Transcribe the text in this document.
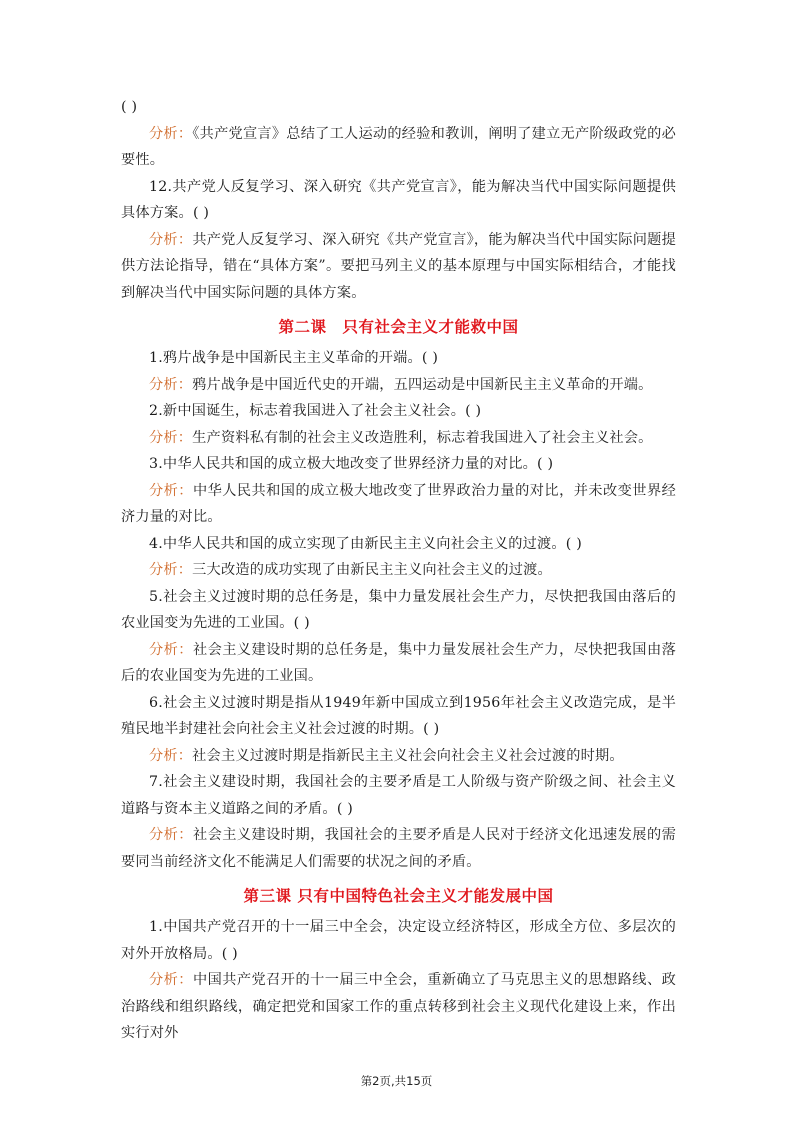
( )

分析：《共产党宣言》总结了工人运动的经验和教训，阐明了建立无产阶级政党的必要性。

12.共产党人反复学习、深入研究《共产党宣言》，能为解决当代中国实际问题提供具体方案。( )

分析：共产党人反复学习、深入研究《共产党宣言》，能为解决当代中国实际问题提供方法论指导，错在“具体方案”。要把马列主义的基本原理与中国实际相结合，才能找到解决当代中国实际问题的具体方案。

第二课　只有社会主义才能救中国

1.鸦片战争是中国新民主主义革命的开端。( )

分析：鸦片战争是中国近代史的开端，五四运动是中国新民主主义革命的开端。

2.新中国诞生，标志着我国进入了社会主义社会。( )

分析：生产资料私有制的社会主义改造胜利，标志着我国进入了社会主义社会。

3.中华人民共和国的成立极大地改变了世界经济力量的对比。( )

分析：中华人民共和国的成立极大地改变了世界政治力量的对比，并未改变世界经济力量的对比。

4.中华人民共和国的成立实现了由新民主主义向社会主义的过渡。( )

分析：三大改造的成功实现了由新民主主义向社会主义的过渡。

5.社会主义过渡时期的总任务是，集中力量发展社会生产力，尽快把我国由落后的农业国变为先进的工业国。( )

分析：社会主义建设时期的总任务是，集中力量发展社会生产力，尽快把我国由落后的农业国变为先进的工业国。

6.社会主义过渡时期是指从1949年新中国成立到1956年社会主义改造完成，是半殖民地半封建社会向社会主义社会过渡的时期。( )

分析：社会主义过渡时期是指新民主主义社会向社会主义社会过渡的时期。

7.社会主义建设时期，我国社会的主要矛盾是工人阶级与资产阶级之间、社会主义道路与资本主义道路之间的矛盾。( )

分析：社会主义建设时期，我国社会的主要矛盾是人民对于经济文化迅速发展的需要同当前经济文化不能满足人们需要的状况之间的矛盾。

第三课 只有中国特色社会主义才能发展中国

1.中国共产党召开的十一届三中全会，决定设立经济特区，形成全方位、多层次的对外开放格局。( )

分析：中国共产党召开的十一届三中全会，重新确立了马克思主义的思想路线、政治路线和组织路线，确定把党和国家工作的重点转移到社会主义现代化建设上来，作出实行对外

第2页,共15页
